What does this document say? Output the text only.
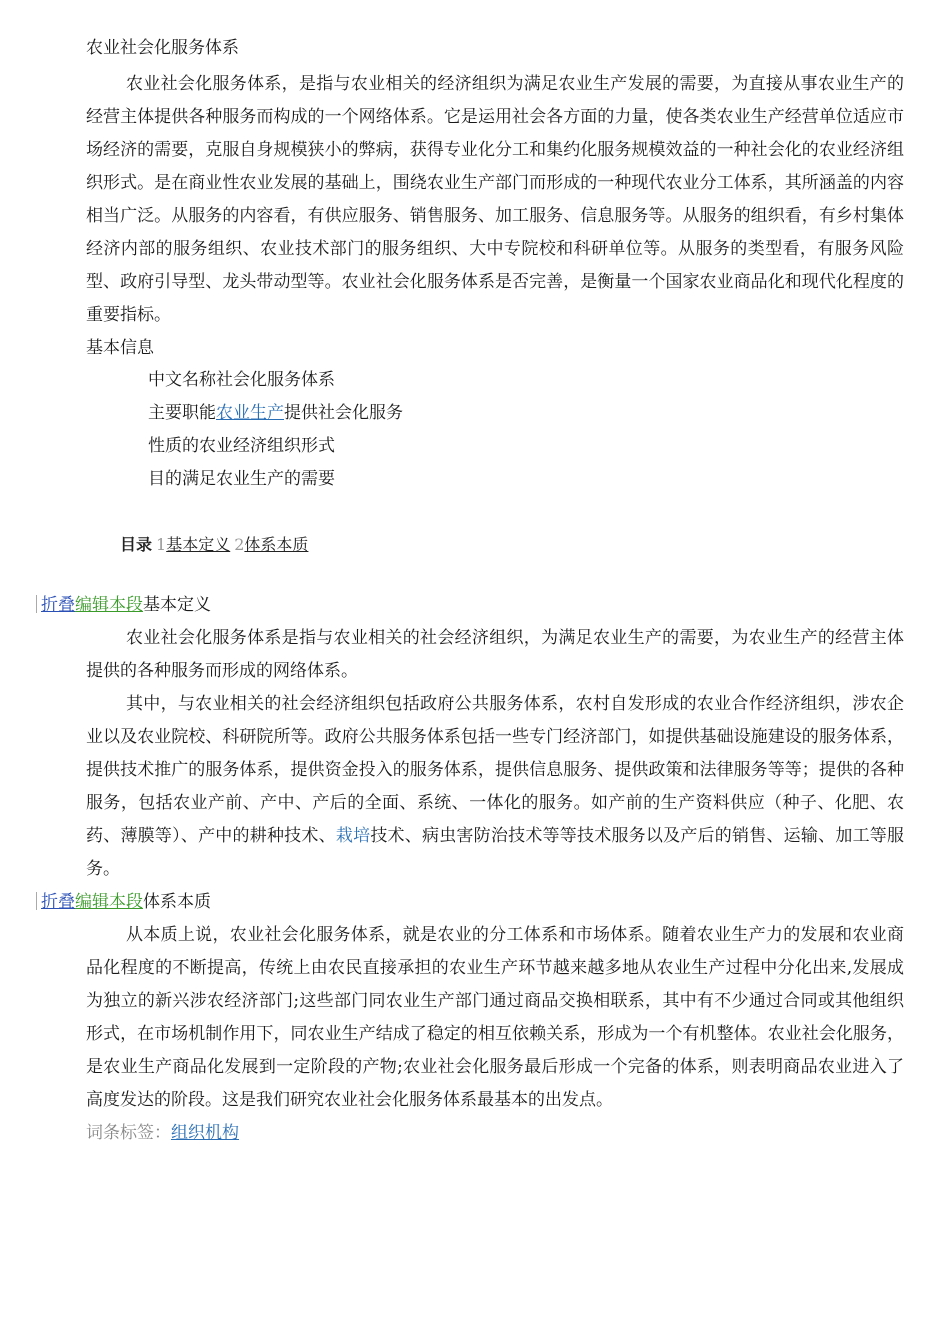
农业社会化服务体系

农业社会化服务体系，是指与农业相关的经济组织为满足农业生产发展的需要，为直接从事农业生产的经营主体提供各种服务而构成的一个网络体系。它是运用社会各方面的力量，使各类农业生产经营单位适应市场经济的需要，克服自身规模狭小的弊病，获得专业化分工和集约化服务规模效益的一种社会化的农业经济组织形式。是在商业性农业发展的基础上，围绕农业生产部门而形成的一种现代农业分工体系，其所涵盖的内容相当广泛。从服务的内容看，有供应服务、销售服务、加工服务、信息服务等。从服务的组织看，有乡村集体经济内部的服务组织、农业技术部门的服务组织、大中专院校和科研单位等。从服务的类型看，有服务风险型、政府引导型、龙头带动型等。农业社会化服务体系是否完善，是衡量一个国家农业商品化和现代化程度的重要指标。

基本信息
中文名称社会化服务体系
主要职能农业生产提供社会化服务
性质的农业经济组织形式
目的满足农业生产的需要
目录 1基本定义 2体系本质
折叠编辑本段基本定义

农业社会化服务体系是指与农业相关的社会经济组织，为满足农业生产的需要，为农业生产的经营主体提供的各种服务而形成的网络体系。

其中，与农业相关的社会经济组织包括政府公共服务体系，农村自发形成的农业合作经济组织，涉农企业以及农业院校、科研院所等。政府公共服务体系包括一些专门经济部门，如提供基础设施建设的服务体系，提供技术推广的服务体系，提供资金投入的服务体系，提供信息服务、提供政策和法律服务等等；提供的各种服务，包括农业产前、产中、产后的全面、系统、一体化的服务。如产前的生产资料供应（种子、化肥、农药、薄膜等）、产中的耕种技术、栽培技术、病虫害防治技术等等技术服务以及产后的销售、运输、加工等服务。

折叠编辑本段体系本质

从本质上说，农业社会化服务体系，就是农业的分工体系和市场体系。随着农业生产力的发展和农业商品化程度的不断提高，传统上由农民直接承担的农业生产环节越来越多地从农业生产过程中分化出来,发展成为独立的新兴涉农经济部门;这些部门同农业生产部门通过商品交换相联系，其中有不少通过合同或其他组织形式，在市场机制作用下，同农业生产结成了稳定的相互依赖关系，形成为一个有机整体。农业社会化服务，是农业生产商品化发展到一定阶段的产物;农业社会化服务最后形成一个完备的体系，则表明商品农业进入了高度发达的阶段。这是我们研究农业社会化服务体系最基本的出发点。

词条标签：组织机构
